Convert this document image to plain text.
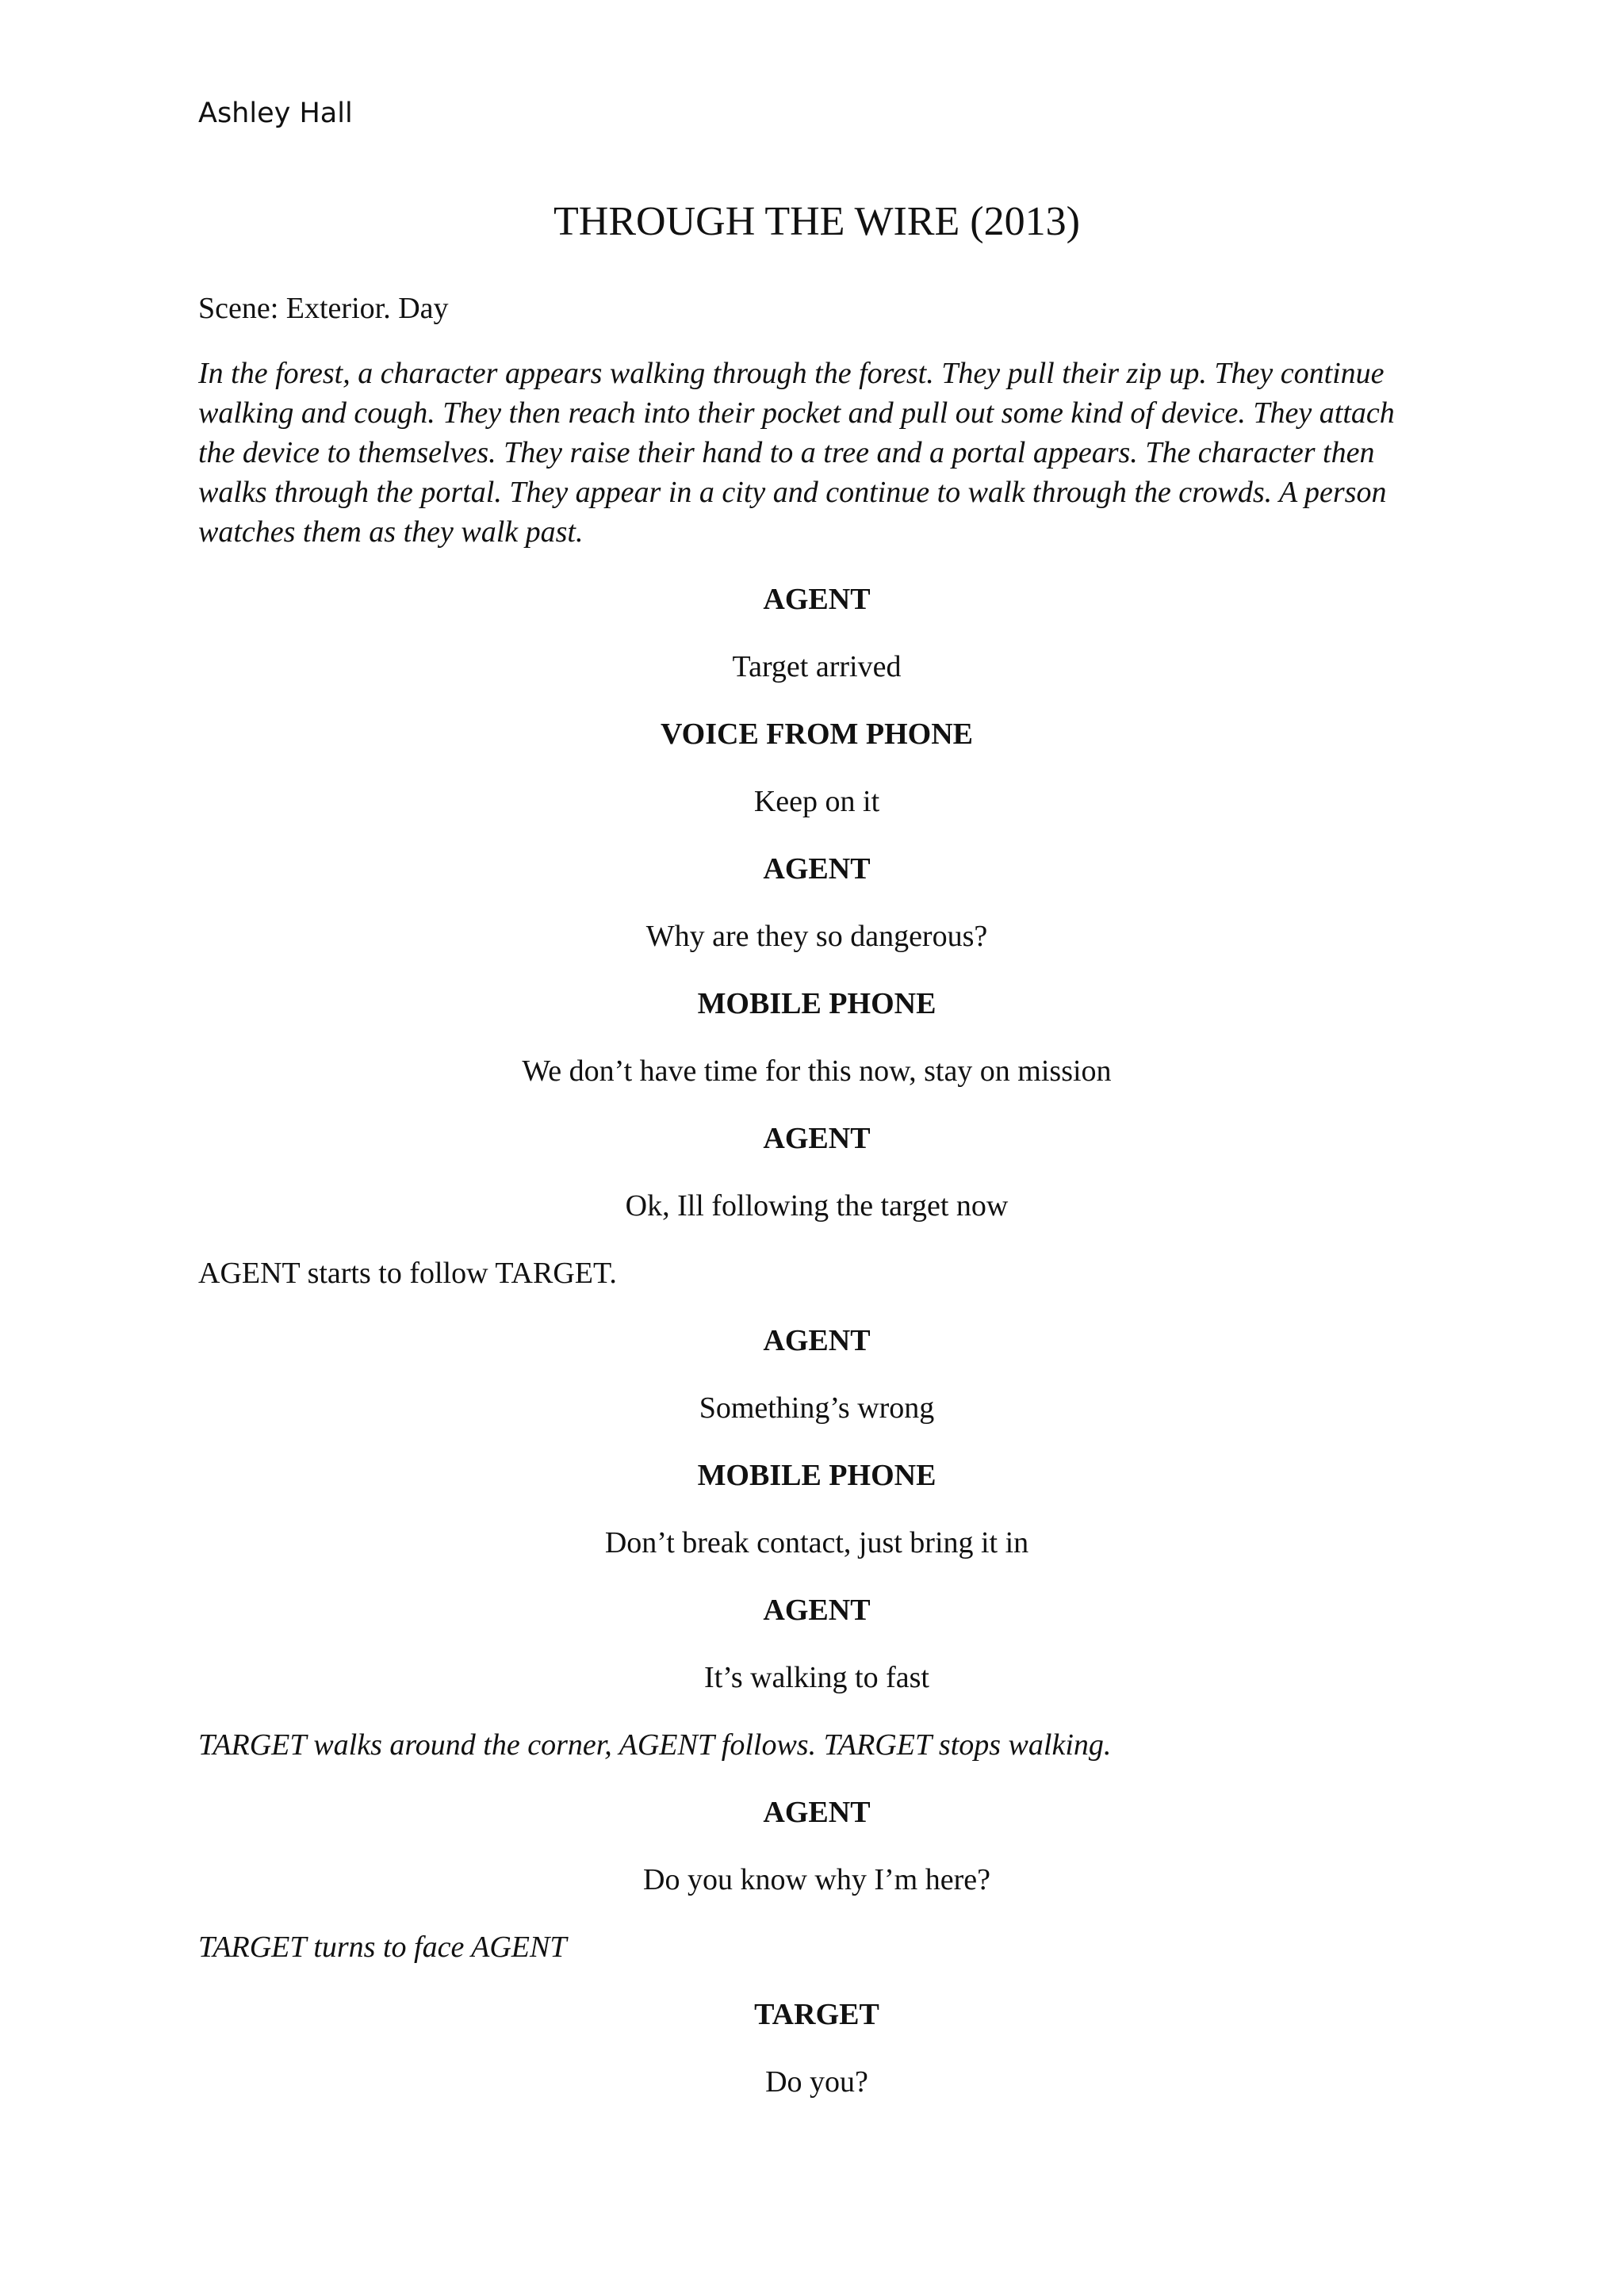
Ashley Hall
THROUGH THE WIRE (2013)
Scene: Exterior. Day
In the forest, a character appears walking through the forest. They pull their zip up. They continue walking and cough. They then reach into their pocket and pull out some kind of device. They attach the device to themselves. They raise their hand to a tree and a portal appears. The character then walks through the portal. They appear in a city and continue to walk through the crowds. A person watches them as they walk past.
AGENT
Target arrived
VOICE FROM PHONE
Keep on it
AGENT
Why are they so dangerous?
MOBILE PHONE
We don’t have time for this now, stay on mission
AGENT
Ok, Ill following the target now
AGENT starts to follow TARGET.
AGENT
Something’s wrong
MOBILE PHONE
Don’t break contact, just bring it in
AGENT
It’s walking to fast
TARGET walks around the corner, AGENT follows. TARGET stops walking.
AGENT
Do you know why I’m here?
TARGET turns to face AGENT
TARGET
Do you?
